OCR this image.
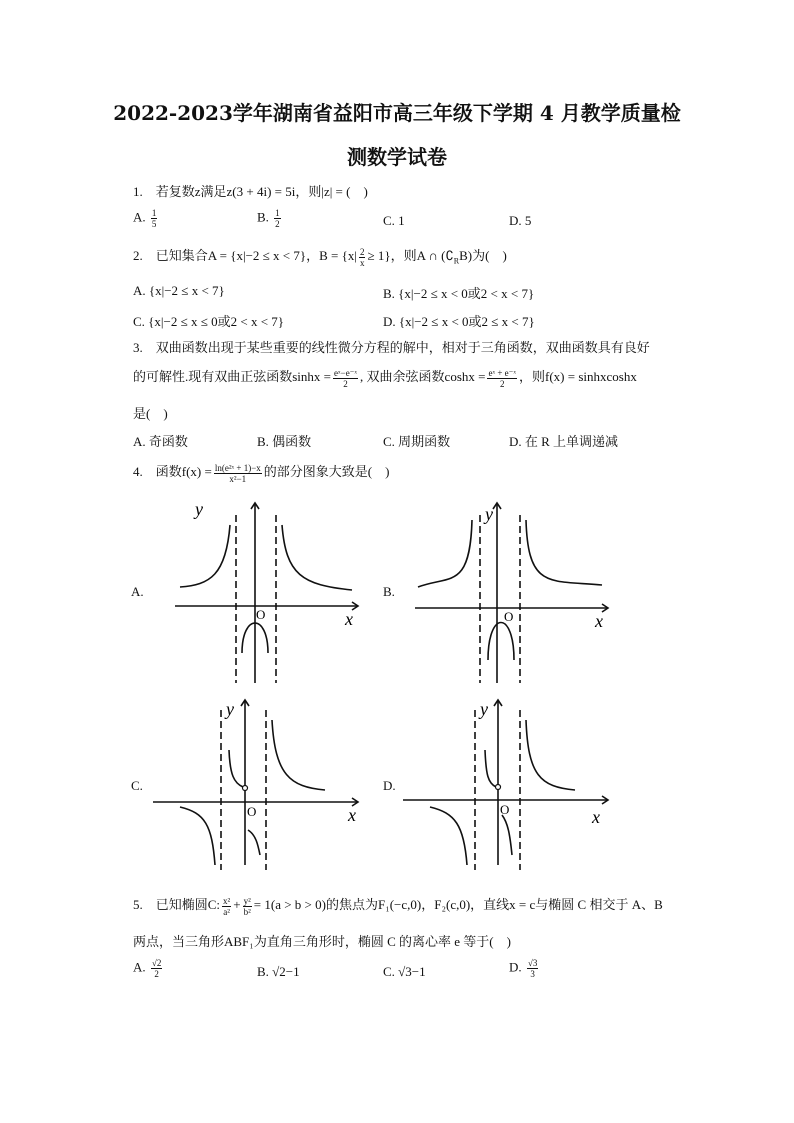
2022-2023学年湖南省益阳市高三年级下学期 4 月教学质量检
测数学试卷
1.　若复数z满足z(3 + 4i) = 5i，则|z| = (　)
A. $\frac{1}{5}$	B. $\frac{1}{2}$	C. 1	D. 5
2.　已知集合A = {x|−2 ≤ x < 7}，$B = \{x| \frac{2}{x} \ge 1\}$，则A ∩ $(∁_RB)$为(　)
A. {x|−2 ≤ x < 7}	B. {x|−2 ≤ x < 0或2 < x < 7}
C. {x|−2 ≤ x ≤ 0或2 < x < 7}	D. {x|−2 ≤ x < 0或2 ≤ x < 7}
3.　双曲函数出现于某些重要的线性微分方程的解中，相对于三角函数，双曲函数具有良好
的可解性.现有双曲正弦函数$\sinh x = \frac{\text{eˣ−e⁻ˣ}}{2}$ , 双曲余弦函数$\cosh x = \frac{\text{eˣ + e⁻ˣ}}{2}$ ，则f(x) = sinhxcoshx
是(　)
A. 奇函数	B. 偶函数	C. 周期函数	D. 在 R 上单调递减
4.　函数$f(x) = \frac{\text{ln(e²ˣ + 1)−x}}{\text{x²−1}}$ 的部分图象大致是(　)
A.	B.
C.	D.
y
O	x
y
O	x
y
O	x
y
O	x
5.　已知椭圆C: $\frac{\text{x²}}{\text{a²}} + \frac{\text{y²}}{\text{b²}} = 1(a > b > 0)$的焦点为F₁(−c,0)，F₂(c,0)，直线x = c与椭圆 C 相交于 A、B
两点，当三角形ABF₁为直角三角形时，椭圆 C 的离心率 e 等于(　)
A. $\frac{√2}{2}$	B. √2−1	C. √3−1	D. $\frac{√3}{3}$
